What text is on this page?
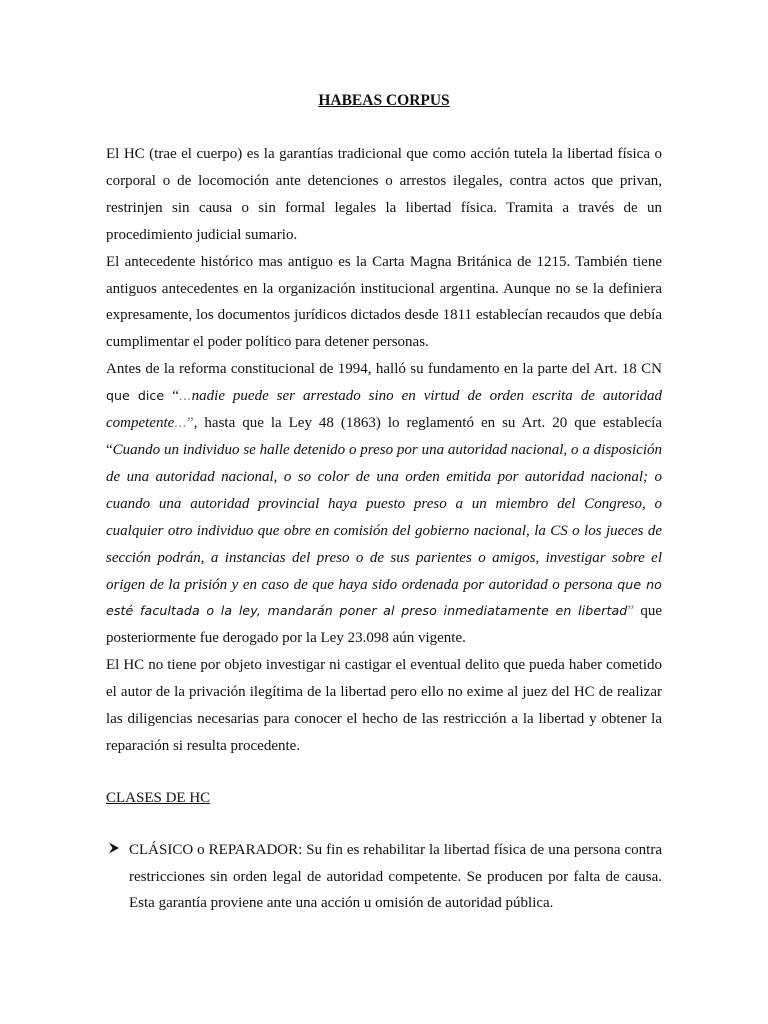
HABEAS CORPUS

El HC (trae el cuerpo) es la garantías tradicional que como acción tutela la libertad física o corporal o de locomoción ante detenciones o arrestos ilegales, contra actos que privan, restrinjen sin causa o sin formal legales la libertad física. Tramita a través de un procedimiento judicial sumario.

El antecedente histórico mas antiguo es la Carta Magna Británica de 1215. También tiene antiguos antecedentes en la organización institucional argentina. Aunque no se la definiera expresamente, los documentos jurídicos dictados desde 1811 establecían recaudos que debía cumplimentar el poder político para detener personas.

Antes de la reforma constitucional de 1994, halló su fundamento en la parte del Art. 18 CN que dice “…nadie puede ser arrestado sino en virtud de orden escrita de autoridad competente…”, hasta que la Ley 48 (1863) lo reglamentó en su Art. 20 que establecía “Cuando un individuo se halle detenido o preso por una autoridad nacional, o a disposición de una autoridad nacional, o so color de una orden emitida por autoridad nacional; o cuando una autoridad provincial haya puesto preso a un miembro del Congreso, o cualquier otro individuo que obre en comisión del gobierno nacional, la CS o los jueces de sección podrán, a instancias del preso o de sus parientes o amigos, investigar sobre el origen de la prisión y en caso de que haya sido ordenada por autoridad o persona que no esté facultada o la ley, mandarán poner al preso inmediatamente en libertad” que posteriormente fue derogado por la Ley 23.098 aún vigente.

El HC no tiene por objeto investigar ni castigar el eventual delito que pueda haber cometido el autor de la privación ilegítima de la libertad pero ello no exime al juez del HC de realizar las diligencias necesarias para conocer el hecho de las restricción a la libertad y obtener la reparación si resulta procedente.

CLASES DE HC
CLÁSICO o REPARADOR: Su fin es rehabilitar la libertad física de una persona contra restricciones sin orden legal de autoridad competente. Se producen por falta de causa. Esta garantía proviene ante una acción u omisión de autoridad pública.
